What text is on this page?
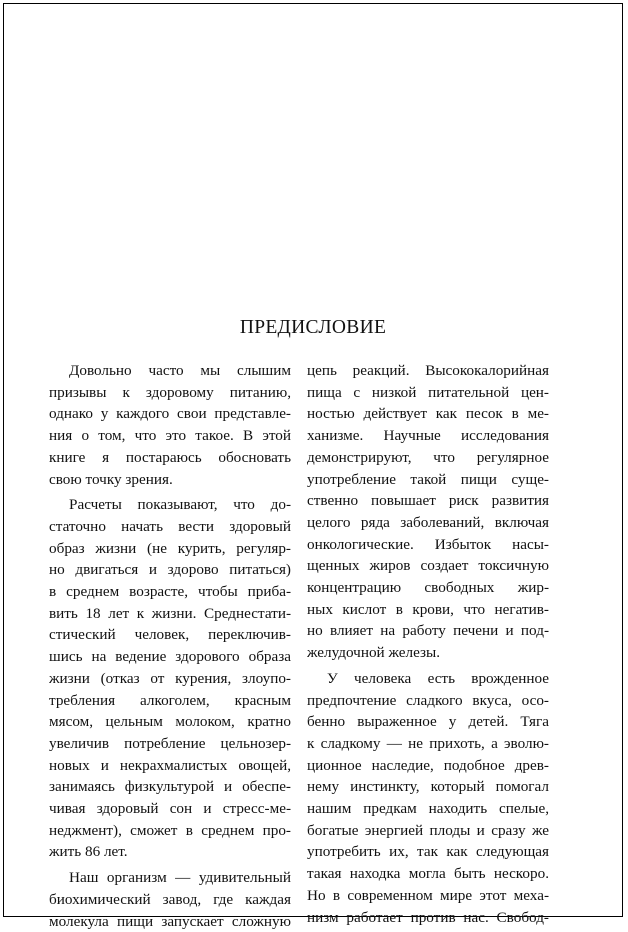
ПРЕДИСЛОВИЕ
Довольно часто мы слышим
призывы к здоровому питанию,
однако у каждого свои представле-
ния о том, что это такое. В этой
книге я постараюсь обосновать
свою точку зрения.
Расчеты показывают, что до-
статочно начать вести здоровый
образ жизни (не курить, регуляр-
но двигаться и здорово питаться)
в среднем возрасте, чтобы приба-
вить 18 лет к жизни. Среднестати-
стический человек, переключив-
шись на ведение здорового образа
жизни (отказ от курения, злоупо-
требления алкоголем, красным
мясом, цельным молоком, кратно
увеличив потребление цельнозер-
новых и некрахмалистых овощей,
занимаясь физкультурой и обеспе-
чивая здоровый сон и стресс-ме-
неджмент), сможет в среднем про-
жить 86 лет.
Наш организм — удивительный
биохимический завод, где каждая
молекула пищи запускает сложную
цепь реакций. Высококалорийная
пища с низкой питательной цен-
ностью действует как песок в ме-
ханизме. Научные исследования
демонстрируют, что регулярное
употребление такой пищи суще-
ственно повышает риск развития
целого ряда заболеваний, включая
онкологические. Избыток насы-
щенных жиров создает токсичную
концентрацию свободных жир-
ных кислот в крови, что негатив-
но влияет на работу печени и под-
желудочной железы.
У человека есть врожденное
предпочтение сладкого вкуса, осо-
бенно выраженное у детей. Тяга
к сладкому — не прихоть, а эволю-
ционное наследие, подобное древ-
нему инстинкту, который помогал
нашим предкам находить спелые,
богатые энергией плоды и сразу же
употребить их, так как следующая
такая находка могла быть нескоро.
Но в современном мире этот меха-
низм работает против нас. Свобод-
